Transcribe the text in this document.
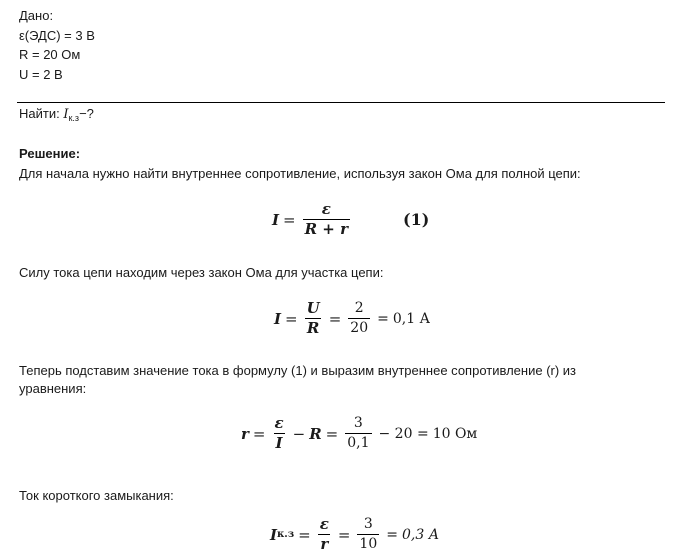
Дано:
ε(ЭДС) = 3 В
R = 20 Ом
U = 2 В
Найти: $I_{к.з}-$?
Решение:
Для начала нужно найти внутреннее сопротивление, используя закон Ома для полной цепи:
$I = \frac{\varepsilon}{R + r}$	(1)
Силу тока цепи находим через закон Ома для участка цепи:
$I = \frac{U}{R} = \frac{2}{20} = 0,1$ А
Теперь подставим значение тока в формулу (1) и выразим внутреннее сопротивление (r) из
уравнения:
$r = \frac{\varepsilon}{I} - R = \frac{3}{0,1} - 20 = 10$ Ом
Ток короткого замыкания:
I $к.з = \frac{\varepsilon}{r} = \frac{3}{10} = 0,3$ А
